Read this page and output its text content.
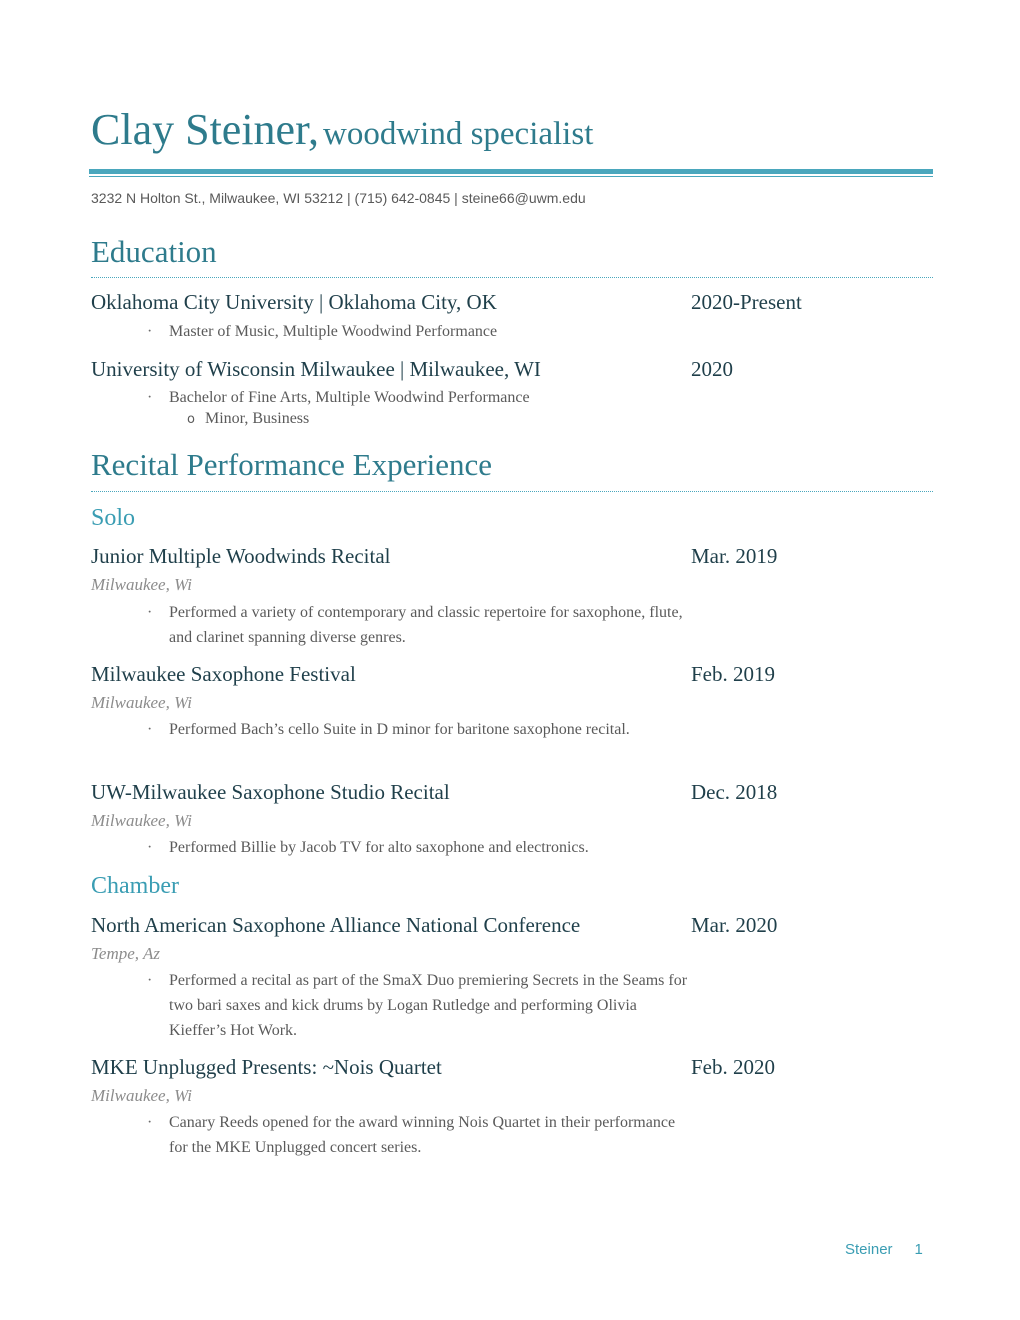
Clay Steiner, woodwind specialist
3232 N Holton St., Milwaukee, WI 53212 | (715) 642-0845 | steine66@uwm.edu
Education
Oklahoma City University | Oklahoma City, OK	2020-Present
· Master of Music, Multiple Woodwind Performance
University of Wisconsin Milwaukee | Milwaukee, WI	2020
· Bachelor of Fine Arts, Multiple Woodwind Performance
o Minor, Business
Recital Performance Experience
Solo
Junior Multiple Woodwinds Recital	Mar. 2019
Milwaukee, Wi
· Performed a variety of contemporary and classic repertoire for saxophone, flute, and clarinet spanning diverse genres.
Milwaukee Saxophone Festival	Feb. 2019
Milwaukee, Wi
· Performed Bach’s cello Suite in D minor for baritone saxophone recital.
UW-Milwaukee Saxophone Studio Recital	Dec. 2018
Milwaukee, Wi
· Performed Billie by Jacob TV for alto saxophone and electronics.
Chamber
North American Saxophone Alliance National Conference	Mar. 2020
Tempe, Az
· Performed a recital as part of the SmaX Duo premiering Secrets in the Seams for two bari saxes and kick drums by Logan Rutledge and performing Olivia Kieffer’s Hot Work.
MKE Unplugged Presents: ~Nois Quartet	Feb. 2020
Milwaukee, Wi
· Canary Reeds opened for the award winning Nois Quartet in their performance for the MKE Unplugged concert series.
Steiner 1
